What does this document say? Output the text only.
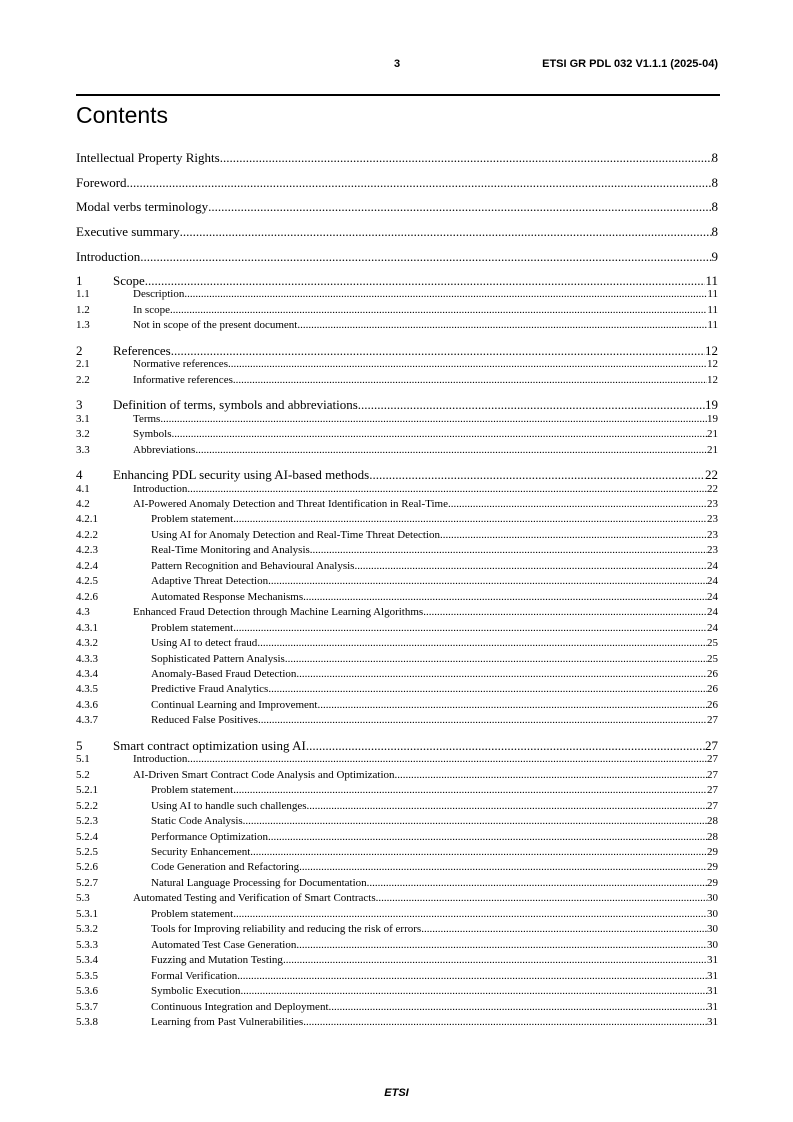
3	ETSI GR PDL 032 V1.1.1 (2025-04)
Contents
Intellectual Property Rights .....	8
Foreword .....	8
Modal verbs terminology .....	8
Executive summary .....	8
Introduction .....	9
1	Scope .....	11
1.1	Description .....	11
1.2	In scope .....	11
1.3	Not in scope of the present document .....	11
2	References .....	12
2.1	Normative references .....	12
2.2	Informative references .....	12
3	Definition of terms, symbols and abbreviations .....	19
3.1	Terms .....	19
3.2	Symbols .....	21
3.3	Abbreviations .....	21
4	Enhancing PDL security using AI-based methods .....	22
4.1	Introduction .....	22
4.2	AI-Powered Anomaly Detection and Threat Identification in Real-Time .....	23
4.2.1	Problem statement .....	23
4.2.2	Using AI for Anomaly Detection and Real-Time Threat Detection .....	23
4.2.3	Real-Time Monitoring and Analysis .....	23
4.2.4	Pattern Recognition and Behavioural Analysis .....	24
4.2.5	Adaptive Threat Detection .....	24
4.2.6	Automated Response Mechanisms .....	24
4.3	Enhanced Fraud Detection through Machine Learning Algorithms .....	24
4.3.1	Problem statement .....	24
4.3.2	Using AI to detect fraud .....	25
4.3.3	Sophisticated Pattern Analysis .....	25
4.3.4	Anomaly-Based Fraud Detection .....	26
4.3.5	Predictive Fraud Analytics .....	26
4.3.6	Continual Learning and Improvement .....	26
4.3.7	Reduced False Positives .....	27
5	Smart contract optimization using AI .....	27
5.1	Introduction .....	27
5.2	AI-Driven Smart Contract Code Analysis and Optimization .....	27
5.2.1	Problem statement .....	27
5.2.2	Using AI to handle such challenges .....	27
5.2.3	Static Code Analysis .....	28
5.2.4	Performance Optimization .....	28
5.2.5	Security Enhancement .....	29
5.2.6	Code Generation and Refactoring .....	29
5.2.7	Natural Language Processing for Documentation .....	29
5.3	Automated Testing and Verification of Smart Contracts .....	30
5.3.1	Problem statement .....	30
5.3.2	Tools for Improving reliability and reducing the risk of errors .....	30
5.3.3	Automated Test Case Generation .....	30
5.3.4	Fuzzing and Mutation Testing .....	31
5.3.5	Formal Verification .....	31
5.3.6	Symbolic Execution .....	31
5.3.7	Continuous Integration and Deployment .....	31
5.3.8	Learning from Past Vulnerabilities .....	31
ETSI
